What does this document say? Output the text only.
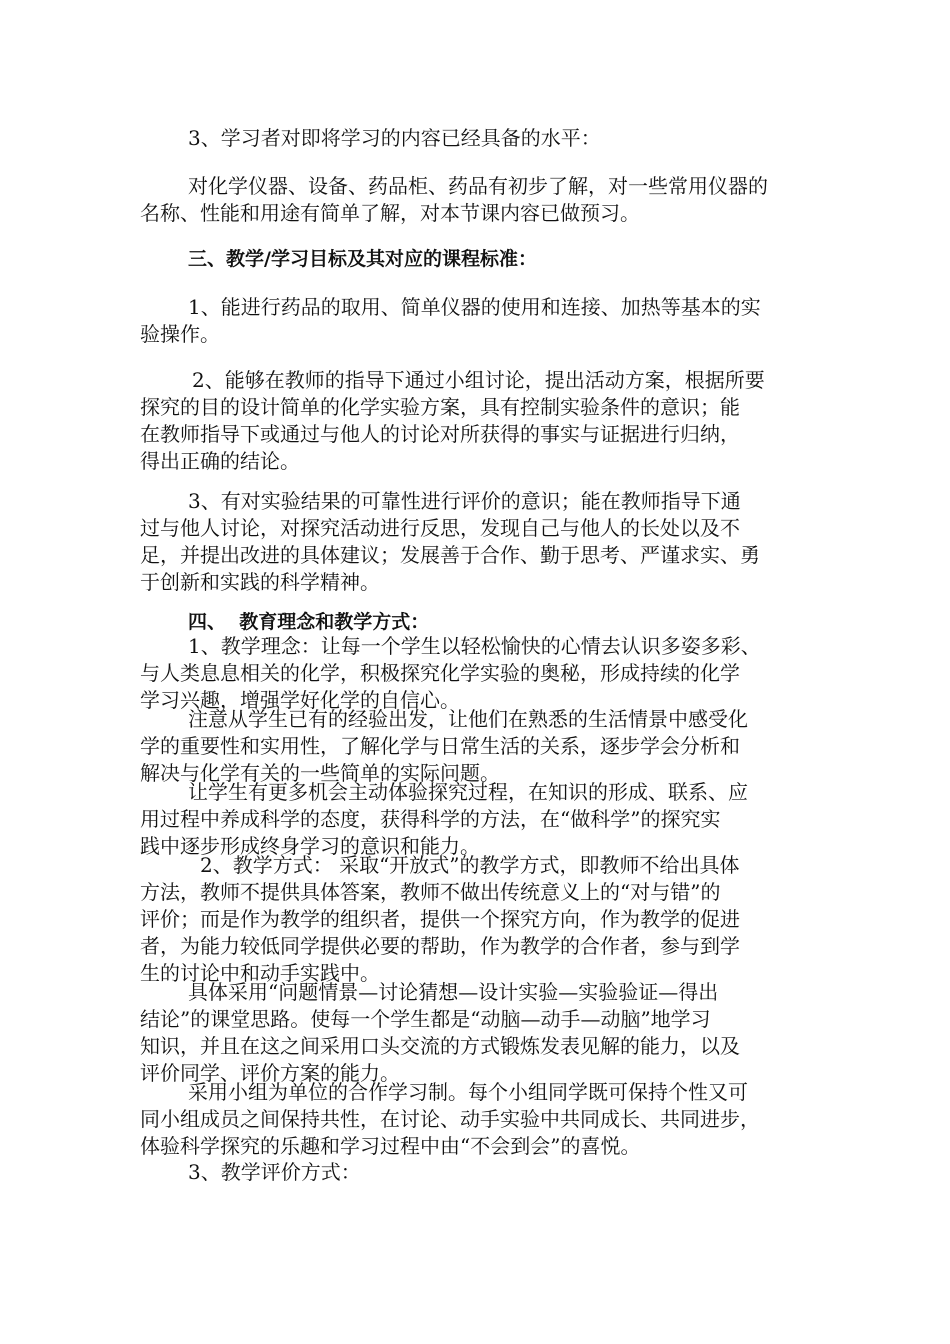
3、学习者对即将学习的内容已经具备的水平：

对化学仪器、设备、药品柜、药品有初步了解，对一些常用仪器的
名称、性能和用途有简单了解，对本节课内容已做预习。

三、教学/学习目标及其对应的课程标准：

1、能进行药品的取用、简单仪器的使用和连接、加热等基本的实
验操作。

2、能够在教师的指导下通过小组讨论，提出活动方案，根据所要
探究的目的设计简单的化学实验方案，具有控制实验条件的意识；能
在教师指导下或通过与他人的讨论对所获得的事实与证据进行归纳，
得出正确的结论。

3、有对实验结果的可靠性进行评价的意识；能在教师指导下通
过与他人讨论，对探究活动进行反思，发现自己与他人的长处以及不
足，并提出改进的具体建议；发展善于合作、勤于思考、严谨求实、勇
于创新和实践的科学精神。

四、  教育理念和教学方式：

1、教学理念：让每一个学生以轻松愉快的心情去认识多姿多彩、
与人类息息相关的化学，积极探究化学实验的奥秘，形成持续的化学
学习兴趣，增强学好化学的自信心。

注意从学生已有的经验出发，让他们在熟悉的生活情景中感受化
学的重要性和实用性，了解化学与日常生活的关系，逐步学会分析和
解决与化学有关的一些简单的实际问题。

让学生有更多机会主动体验探究过程，在知识的形成、联系、应
用过程中养成科学的态度，获得科学的方法，在“做科学”的探究实
践中逐步形成终身学习的意识和能力。

2、教学方式： 采取“开放式”的教学方式，即教师不给出具体
方法，教师不提供具体答案，教师不做出传统意义上的“对与错”的
评价；而是作为教学的组织者，提供一个探究方向，作为教学的促进
者，为能力较低同学提供必要的帮助，作为教学的合作者，参与到学
生的讨论中和动手实践中。

具体采用“问题情景—讨论猜想—设计实验—实验验证—得出
结论”的课堂思路。使每一个学生都是“动脑—动手—动脑”地学习
知识，并且在这之间采用口头交流的方式锻炼发表见解的能力，以及
评价同学、评价方案的能力。

采用小组为单位的合作学习制。每个小组同学既可保持个性又可
同小组成员之间保持共性，在讨论、动手实验中共同成长、共同进步，
体验科学探究的乐趣和学习过程中由“不会到会”的喜悦。

3、教学评价方式：
